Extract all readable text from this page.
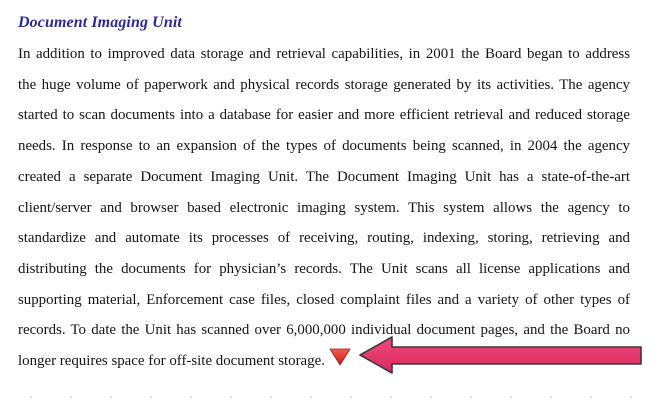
Document Imaging Unit
In addition to improved data storage and retrieval capabilities, in 2001 the Board began to address
the huge volume of paperwork and physical records storage generated by its activities. The agency
started to scan documents into a database for easier and more efficient retrieval and reduced storage
needs. In response to an expansion of the types of documents being scanned, in 2004 the agency
created a separate Document Imaging Unit. The Document Imaging Unit has a state-of-the-art
client/server and browser based electronic imaging system. This system allows the agency to
standardize and automate its processes of receiving, routing, indexing, storing, retrieving and
distributing the documents for physician’s records. The Unit scans all license applications and
supporting material, Enforcement case files, closed complaint files and a variety of other types of
records. To date the Unit has scanned over 6,000,000 individual document pages, and the Board no
longer requires space for off-site document storage.
